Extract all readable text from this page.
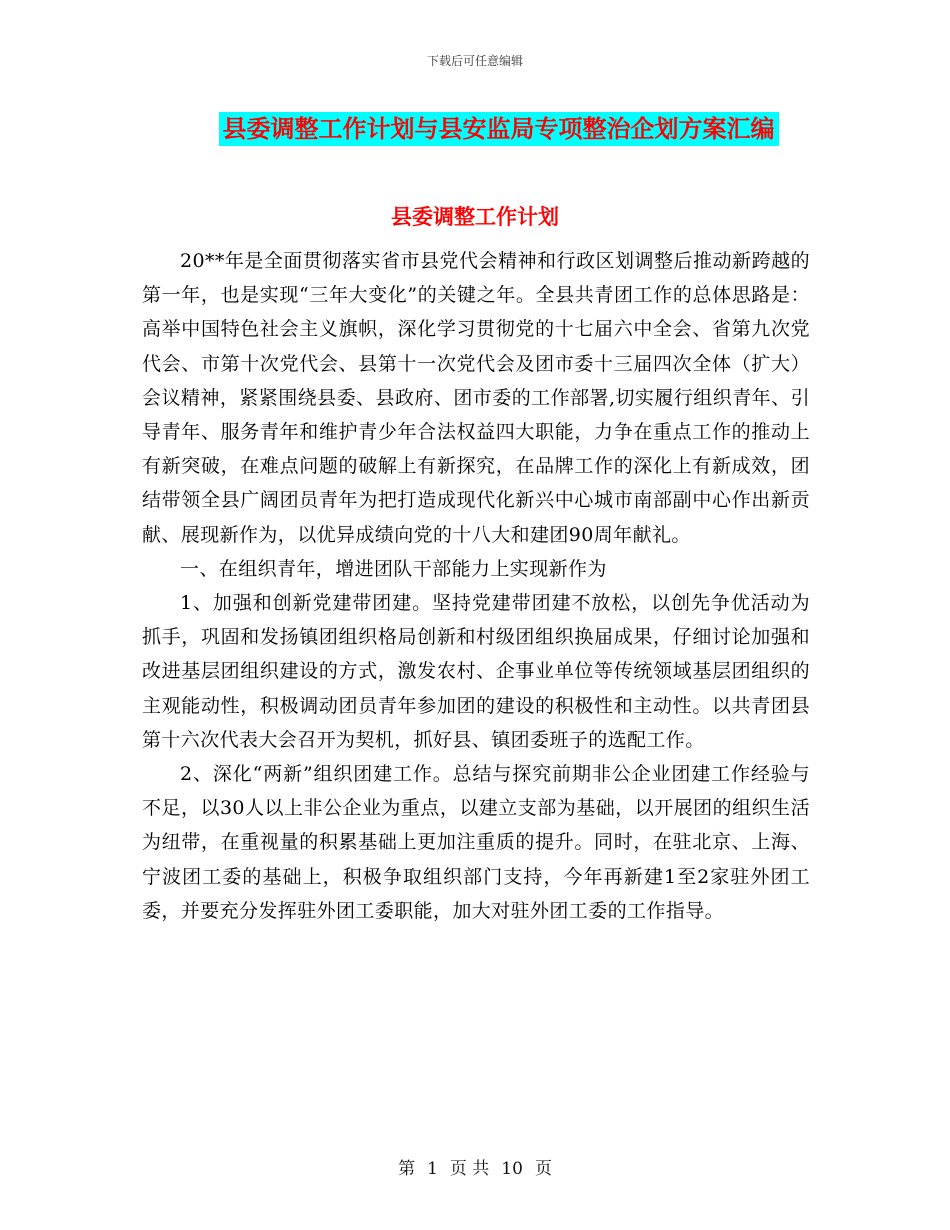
下载后可任意编辑
县委调整工作计划与县安监局专项整治企划方案汇编
县委调整工作计划

20**年是全面贯彻落实省市县党代会精神和行政区划调整后推动新跨越的第一年，也是实现“三年大变化”的关键之年。全县共青团工作的总体思路是：高举中国特色社会主义旗帜，深化学习贯彻党的十七届六中全会、省第九次党代会、市第十次党代会、县第十一次党代会及团市委十三届四次全体（扩大）会议精神，紧紧围绕县委、县政府、团市委的工作部署,切实履行组织青年、引导青年、服务青年和维护青少年合法权益四大职能，力争在重点工作的推动上有新突破，在难点问题的破解上有新探究，在品牌工作的深化上有新成效，团结带领全县广阔团员青年为把打造成现代化新兴中心城市南部副中心作出新贡献、展现新作为，以优异成绩向党的十八大和建团90周年献礼。

一、在组织青年，增进团队干部能力上实现新作为

1、加强和创新党建带团建。坚持党建带团建不放松，以创先争优活动为抓手，巩固和发扬镇团组织格局创新和村级团组织换届成果，仔细讨论加强和改进基层团组织建设的方式，激发农村、企事业单位等传统领域基层团组织的主观能动性，积极调动团员青年参加团的建设的积极性和主动性。以共青团县第十六次代表大会召开为契机，抓好县、镇团委班子的选配工作。

2、深化“两新”组织团建工作。总结与探究前期非公企业团建工作经验与不足，以30人以上非公企业为重点，以建立支部为基础，以开展团的组织生活为纽带，在重视量的积累基础上更加注重质的提升。同时，在驻北京、上海、宁波团工委的基础上，积极争取组织部门支持，今年再新建1至2家驻外团工委，并要充分发挥驻外团工委职能，加大对驻外团工委的工作指导。

第 1 页 共 10 页
